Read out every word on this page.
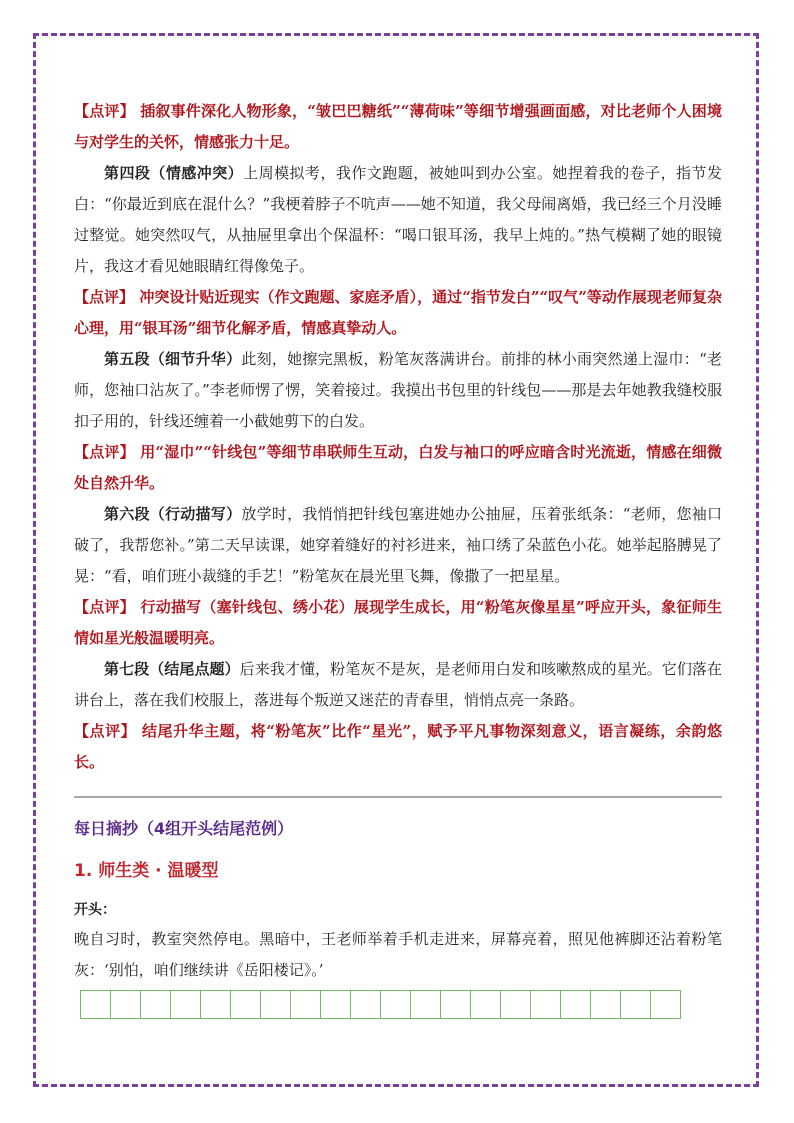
【点评】 插叙事件深化人物形象，“皱巴巴糖纸”“薄荷味”等细节增强画面感，对比老师个人困境与对学生的关怀，情感张力十足。

第四段（情感冲突）上周模拟考，我作文跑题，被她叫到办公室。她捏着我的卷子，指节发白：“你最近到底在混什么？”我梗着脖子不吭声——她不知道，我父母闹离婚，我已经三个月没睡过整觉。她突然叹气，从抽屉里拿出个保温杯：“喝口银耳汤，我早上炖的。”热气模糊了她的眼镜片，我这才看见她眼睛红得像兔子。

【点评】 冲突设计贴近现实（作文跑题、家庭矛盾），通过“指节发白”“叹气”等动作展现老师复杂心理，用“银耳汤”细节化解矛盾，情感真挚动人。

第五段（细节升华）此刻，她擦完黑板，粉笔灰落满讲台。前排的林小雨突然递上湿巾：“老师，您袖口沾灰了。”李老师愣了愣，笑着接过。我摸出书包里的针线包——那是去年她教我缝校服扣子用的，针线还缠着一小截她剪下的白发。

【点评】 用“湿巾”“针线包”等细节串联师生互动，白发与袖口的呼应暗含时光流逝，情感在细微处自然升华。

第六段（行动描写）放学时，我悄悄把针线包塞进她办公抽屉，压着张纸条：“老师，您袖口破了，我帮您补。”第二天早读课，她穿着缝好的衬衫进来，袖口绣了朵蓝色小花。她举起胳膊晃了晃：“看，咱们班小裁缝的手艺！”粉笔灰在晨光里飞舞，像撒了一把星星。

【点评】 行动描写（塞针线包、绣小花）展现学生成长，用“粉笔灰像星星”呼应开头，象征师生情如星光般温暖明亮。

第七段（结尾点题）后来我才懂，粉笔灰不是灰，是老师用白发和咳嗽熬成的星光。它们落在讲台上，落在我们校服上，落进每个叛逆又迷茫的青春里，悄悄点亮一条路。

【点评】 结尾升华主题，将“粉笔灰”比作“星光”，赋予平凡事物深刻意义，语言凝练，余韵悠长。

每日摘抄（4组开头结尾范例）
1. 师生类 · 温暖型
开头：

晚自习时，教室突然停电。黑暗中，王老师举着手机走进来，屏幕亮着，照见他裤脚还沾着粉笔灰：‘别怕，咱们继续讲《岳阳楼记》。’
